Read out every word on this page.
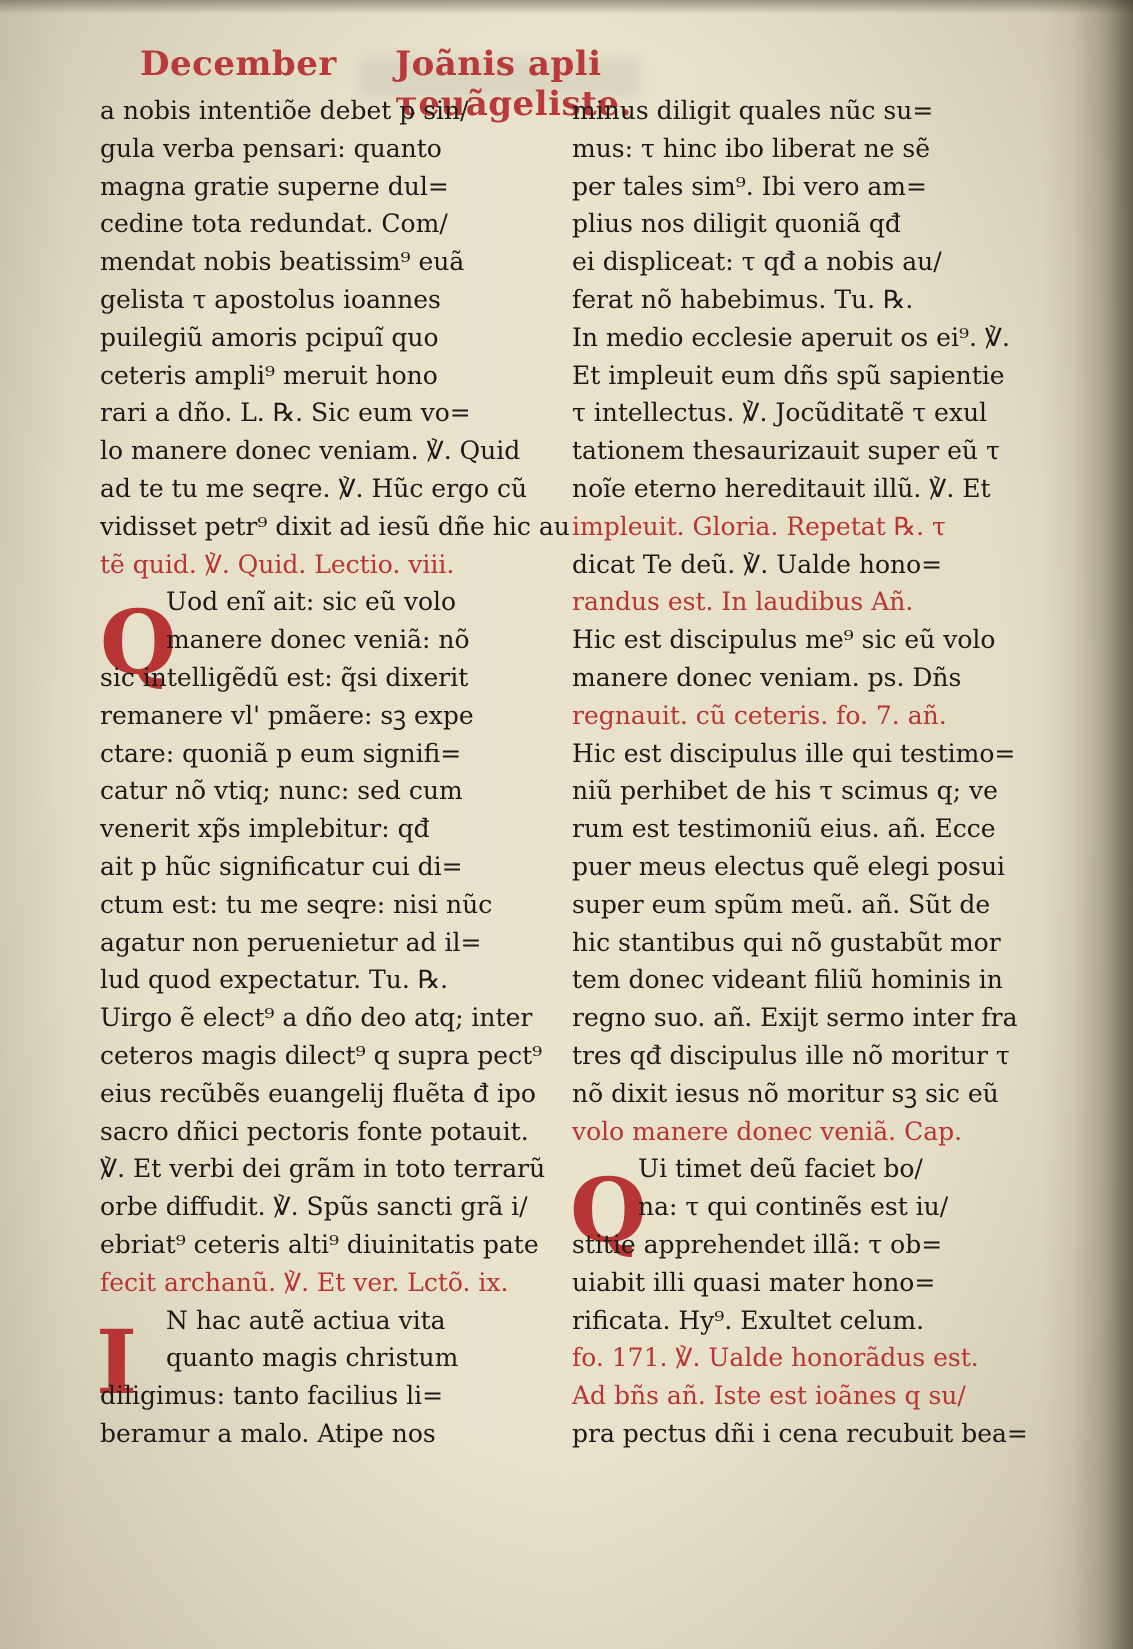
December Joãnis apli τeuãgeliste.
Q
Q
I
a nobis intentiõe debet p sin/
gula verba pensari: quanto
magna gratie superne dul=
cedine tota redundat. Com/
mendat nobis beatissim⁹ euã
gelista τ apostolus ioannes
puilegiũ amoris pcipuĩ quo
ceteris ampli⁹ meruit hono
rari a dño. L. ℞. Sic eum vo=
lo manere donec veniam. ℣. Quid
ad te tu me seqre. ℣. Hũc ergo cũ
vidisset petr⁹ dixit ad iesũ dñe hic au
tẽ quid. ℣. Quid. Lectio. viii.
Uod enĩ ait: sic eũ volo
manere donec veniã: nõ
sic intelligẽdũ est: q̃si dixerit
remanere vl' pmãere: sꝫ expe
ctare: quoniã p eum signifi=
catur nõ vtiq; nunc: sed cum
venerit xp̃s implebitur: qđ
ait p hũc significatur cui di=
ctum est: tu me seqre: nisi nũc
agatur non peruenietur ad il=
lud quod expectatur. Tu. ℞.
Uirgo ẽ elect⁹ a dño deo atq; inter
ceteros magis dilect⁹ q supra pect⁹
eius recũbẽs euangelij fluẽta đ ipo
sacro dñici pectoris fonte potauit.
℣. Et verbi dei grãm in toto terrarũ
orbe diffudit. ℣. Spũs sancti grã i/
ebriat⁹ ceteris alti⁹ diuinitatis pate
fecit archanũ. ℣. Et ver. Lctõ. ix.
N hac autẽ actiua vita
quanto magis christum
diligimus: tanto facilius li=
beramur a malo. Atipe nos
minus diligit quales nũc su=
mus: τ hinc ibo liberat ne sẽ
per tales sim⁹. Ibi vero am=
plius nos diligit quoniã qđ
ei displiceat: τ qđ a nobis au/
ferat nõ habebimus. Tu. ℞.
In medio ecclesie aperuit os ei⁹. ℣.
Et impleuit eum dñs spũ sapientie
τ intellectus. ℣. Jocũditatẽ τ exul
tationem thesaurizauit super eũ τ
noĩe eterno hereditauit illũ. ℣. Et
impleuit. Gloria. Repetat ℞. τ
dicat Te deũ. ℣. Ualde hono=
randus est. In laudibus Añ.
Hic est discipulus me⁹ sic eũ volo
manere donec veniam. ps. Dñs
regnauit. cũ ceteris. fo. 7. añ.
Hic est discipulus ille qui testimo=
niũ perhibet de his τ scimus q; ve
rum est testimoniũ eius. añ. Ecce
puer meus electus quẽ elegi posui
super eum spũm meũ. añ. Sũt de
hic stantibus qui nõ gustabũt mor
tem donec videant filiũ hominis in
regno suo. añ. Exijt sermo inter fra
tres qđ discipulus ille nõ moritur τ
nõ dixit iesus nõ moritur sꝫ sic eũ
volo manere donec veniã. Cap.
Ui timet deũ faciet bo/
na: τ qui continẽs est iu/
stitie apprehendet illã: τ ob=
uiabit illi quasi mater hono=
rificata. Hy⁹. Exultet celum.
fo. 171. ℣. Ualde honorãdus est.
Ad bñs añ. Iste est ioãnes q su/
pra pectus dñi i cena recubuit bea=
